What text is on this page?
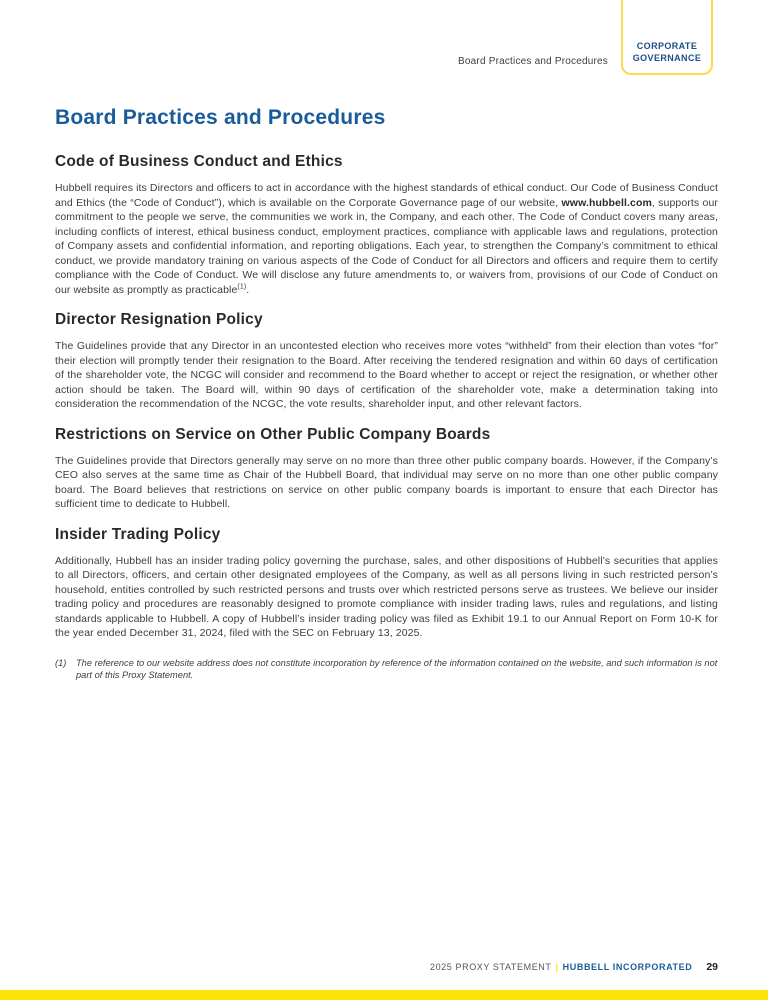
Board Practices and Procedures
CORPORATE
GOVERNANCE
Board Practices and Procedures
Code of Business Conduct and Ethics

Hubbell requires its Directors and officers to act in accordance with the highest standards of ethical conduct. Our Code of Business Conduct and Ethics (the “Code of Conduct”), which is available on the Corporate Governance page of our website, www.hubbell.com, supports our commitment to the people we serve, the communities we work in, the Company, and each other. The Code of Conduct covers many areas, including conflicts of interest, ethical business conduct, employment practices, compliance with applicable laws and regulations, protection of Company assets and confidential information, and reporting obligations. Each year, to strengthen the Company’s commitment to ethical conduct, we provide mandatory training on various aspects of the Code of Conduct for all Directors and officers and require them to certify compliance with the Code of Conduct. We will disclose any future amendments to, or waivers from, provisions of our Code of Conduct on our website as promptly as practicable$^{(1)}$.

Director Resignation Policy

The Guidelines provide that any Director in an uncontested election who receives more votes “withheld” from their election than votes “for” their election will promptly tender their resignation to the Board. After receiving the tendered resignation and within 60 days of certification of the shareholder vote, the NCGC will consider and recommend to the Board whether to accept or reject the resignation, or whether other action should be taken. The Board will, within 90 days of certification of the shareholder vote, make a determination taking into consideration the recommendation of the NCGC, the vote results, shareholder input, and other relevant factors.

Restrictions on Service on Other Public Company Boards

The Guidelines provide that Directors generally may serve on no more than three other public company boards. However, if the Company’s CEO also serves at the same time as Chair of the Hubbell Board, that individual may serve on no more than one other public company board. The Board believes that restrictions on service on other public company boards is important to ensure that each Director has sufficient time to dedicate to Hubbell.

Insider Trading Policy

Additionally, Hubbell has an insider trading policy governing the purchase, sales, and other dispositions of Hubbell’s securities that applies to all Directors, officers, and certain other designated employees of the Company, as well as all persons living in such restricted person’s household, entities controlled by such restricted persons and trusts over which restricted persons serve as trustees. We believe our insider trading policy and procedures are reasonably designed to promote compliance with insider trading laws, rules and regulations, and listing standards applicable to Hubbell. A copy of Hubbell’s insider trading policy was filed as Exhibit 19.1 to our Annual Report on Form 10-K for the year ended December 31, 2024, filed with the SEC on February 13, 2025.

(1)	The reference to our website address does not constitute incorporation by reference of the information contained on the website, and such information is not part of this Proxy Statement.
2025 PROXY STATEMENT | HUBBELL INCORPORATED 29
